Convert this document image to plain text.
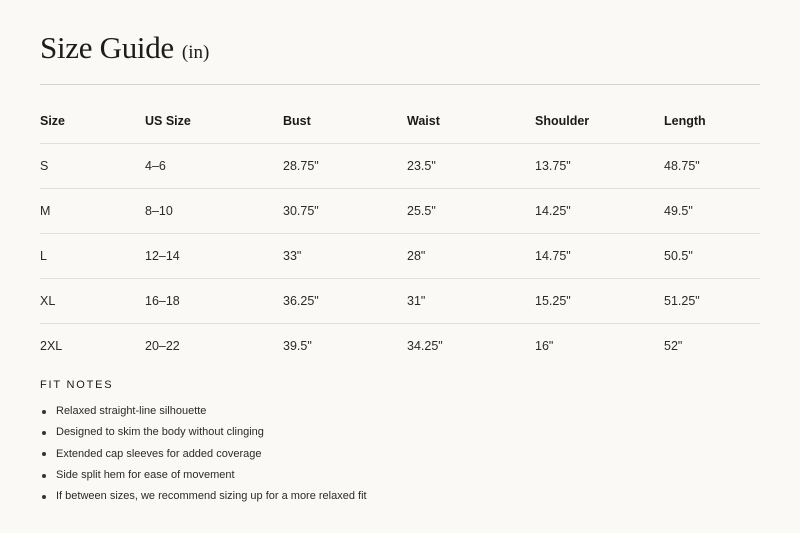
Size Guide (in)
Size	US Size	Bust	Waist	Shoulder	Length
S	4–6	28.75"	23.5"	13.75"	48.75"
M	8–10	30.75"	25.5"	14.25"	49.5"
L	12–14	33"	28"	14.75"	50.5"
XL	16–18	36.25"	31"	15.25"	51.25"
2XL	20–22	39.5"	34.25"	16"	52"
FIT NOTES
Relaxed straight-line silhouette
Designed to skim the body without clinging
Extended cap sleeves for added coverage
Side split hem for ease of movement
If between sizes, we recommend sizing up for a more relaxed fit
